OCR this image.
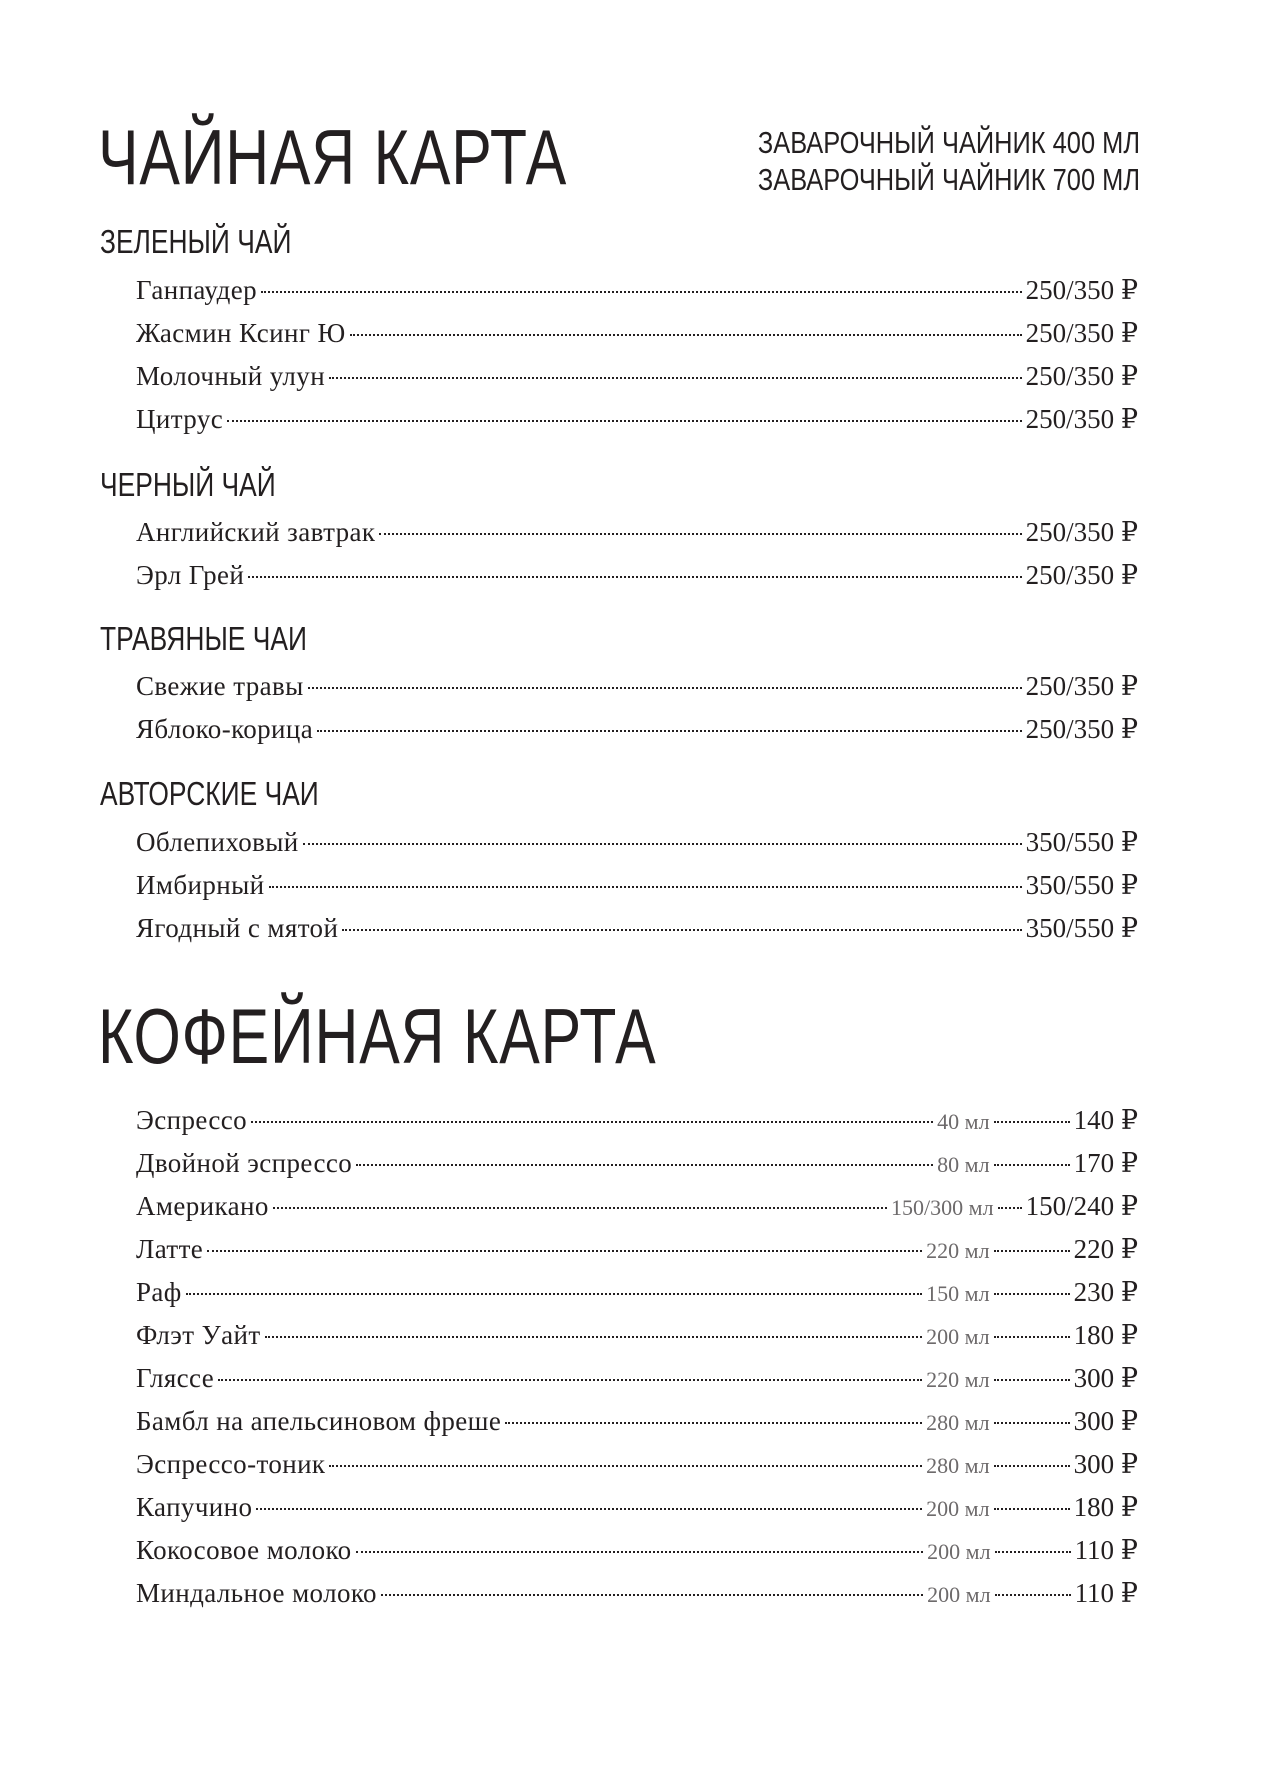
ЧАЙНАЯ КАРТА	ЗАВАРОЧНЫЙ ЧАЙНИК 400 МЛ
ЗАВАРОЧНЫЙ ЧАЙНИК 700 МЛ
ЗЕЛЕНЫЙ ЧАЙ
Ганпаудер	250/350 ₽
Жасмин Ксинг Ю	250/350 ₽
Молочный улун	250/350 ₽
Цитрус	250/350 ₽
ЧЕРНЫЙ ЧАЙ
Английский завтрак	250/350 ₽
Эрл Грей	250/350 ₽
ТРАВЯНЫЕ ЧАИ
Свежие травы	250/350 ₽
Яблоко-корица	250/350 ₽
АВТОРСКИЕ ЧАИ
Облепиховый	350/550 ₽
Имбирный	350/550 ₽
Ягодный с мятой	350/550 ₽
КОФЕЙНАЯ КАРТА
Эспрессо	40 мл	140 ₽
Двойной эспрессо	80 мл	170 ₽
Американо	150/300 мл 150/240 ₽
Латте	220 мл	220 ₽
Раф	150 мл	230 ₽
Флэт Уайт	200 мл	180 ₽
Гляссе	220 мл	300 ₽
Бамбл на апельсиновом фреше	280 мл	300 ₽
Эспрессо-тоник	280 мл	300 ₽
Капучино	200 мл	180 ₽
Кокосовое молоко	200 мл	110 ₽
Миндальное молоко	200 мл	110 ₽
